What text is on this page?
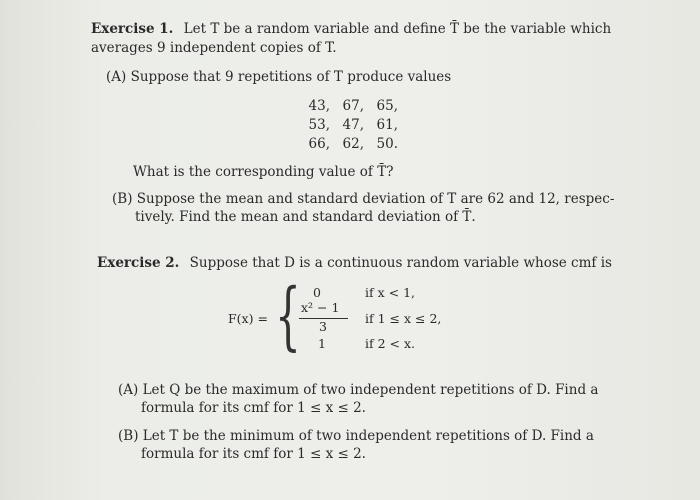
Exercise 1. Let T be a random variable and define T̄ be the variable which
averages 9 independent copies of T.
(A) Suppose that 9 repetitions of T produce values
43, 67, 65,
53, 47, 61,
66, 62, 50.
What is the corresponding value of T̄?
(B) Suppose the mean and standard deviation of T are 62 and 12, respec-
tively. Find the mean and standard deviation of T̄.
Exercise 2. Suppose that D is a continuous random variable whose cmf is
F(x) = { 0	if x < 1,
x² − 1
3
if 1 ≤ x ≤ 2,
1	if 2 < x.
(A) Let Q be the maximum of two independent repetitions of D. Find a
formula for its cmf for 1 ≤ x ≤ 2.
(B) Let T be the minimum of two independent repetitions of D. Find a
formula for its cmf for 1 ≤ x ≤ 2.
